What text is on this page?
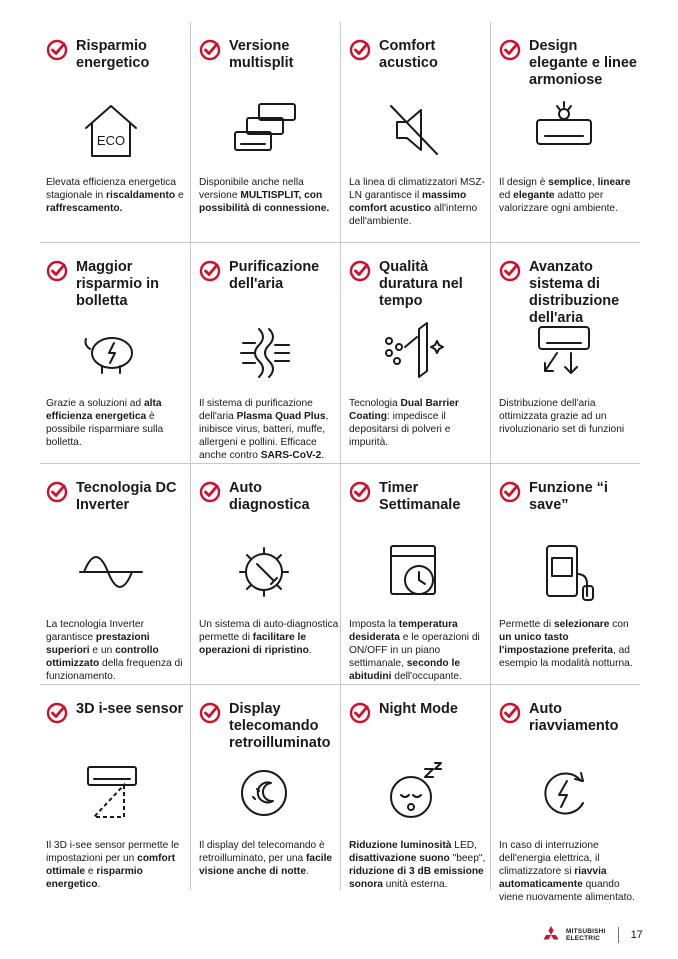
Risparmio energetico
ECO
Elevata efficienza energetica stagionale in riscaldamento e raffrescamento.
Versione multisplit
Disponibile anche nella versione MULTISPLIT, con possibilità di connessione.
Comfort acustico
La linea di climatizzatori MSZ-LN garantisce il massimo comfort acustico all'interno dell'ambiente.
Design elegante e linee armoniose
Il design è semplice, lineare ed elegante adatto per valorizzare ogni ambiente.
Maggior risparmio in bolletta
Grazie a soluzioni ad alta efficienza energetica è possibile risparmiare sulla bolletta.
Purificazione dell'aria
Il sistema di purificazione dell'aria Plasma Quad Plus, inibisce virus, batteri, muffe, allergeni e pollini. Efficace anche contro SARS-CoV-2.
Qualità duratura nel tempo
Tecnologia Dual Barrier Coating: impedisce il depositarsi di polveri e impurità.
Avanzato sistema di distribuzione dell'aria
Distribuzione dell'aria ottimizzata grazie ad un rivoluzionario set di funzioni
Tecnologia DC Inverter
La tecnologia Inverter garantisce prestazioni superiori e un controllo ottimizzato della frequenza di funzionamento.
Auto diagnostica
Un sistema di auto-diagnostica permette di facilitare le operazioni di ripristino.
Timer Settimanale
Imposta la temperatura desiderata e le operazioni di ON/OFF in un piano settimanale, secondo le abitudini dell'occupante.
Funzione “i save”
Permette di selezionare con un unico tasto l'impostazione preferita, ad esempio la modalità notturna.
3D i-see sensor
Il 3D i-see sensor permette le impostazioni per un comfort ottimale e risparmio energetico.
Display telecomando retroilluminato
Il display del telecomando è retroilluminato, per una facile visione anche di notte.
Night Mode
Riduzione luminosità LED, disattivazione suono "beep", riduzione di 3 dB emissione sonora unità esterna.
Auto riavviamento
In caso di interruzione dell'energia elettrica, il climatizzatore si riavvia automaticamente quando viene nuovamente alimentato.
MITSUBISHI
ELECTRIC	17
